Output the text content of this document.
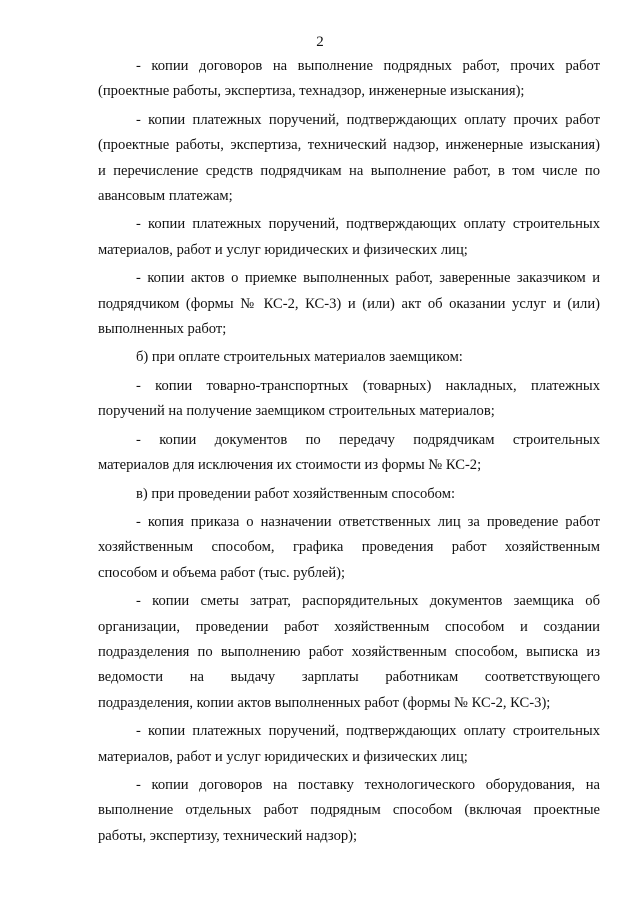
2
- копии договоров на выполнение подрядных работ, прочих работ
(проектные работы, экспертиза, технадзор, инженерные изыскания);
- копии платежных поручений, подтверждающих оплату прочих работ
(проектные работы, экспертиза, технический надзор, инженерные изыскания)
и перечисление средств подрядчикам на выполнение работ, в том числе по
авансовым платежам;
- копии платежных поручений, подтверждающих оплату строительных
материалов, работ и услуг юридических и физических лиц;
- копии актов о приемке выполненных работ, заверенные заказчиком и
подрядчиком (формы № КС-2, КС-3) и (или) акт об оказании услуг и (или)
выполненных работ;
б) при оплате строительных материалов заемщиком:
- копии товарно-транспортных (товарных) накладных, платежных
поручений на получение заемщиком строительных материалов;
- копии документов по передачу подрядчикам строительных
материалов для исключения их стоимости из формы № КС-2;
в) при проведении работ хозяйственным способом:
- копия приказа о назначении ответственных лиц за проведение работ
хозяйственным способом, графика проведения работ хозяйственным
способом и объема работ (тыс. рублей);
- копии сметы затрат, распорядительных документов заемщика об
организации, проведении работ хозяйственным способом и создании
подразделения по выполнению работ хозяйственным способом, выписка из
ведомости на выдачу зарплаты работникам соответствующего
подразделения, копии актов выполненных работ (формы № КС-2, КС-3);
- копии платежных поручений, подтверждающих оплату строительных
материалов, работ и услуг юридических и физических лиц;
- копии договоров на поставку технологического оборудования, на
выполнение отдельных работ подрядным способом (включая проектные
работы, экспертизу, технический надзор);
